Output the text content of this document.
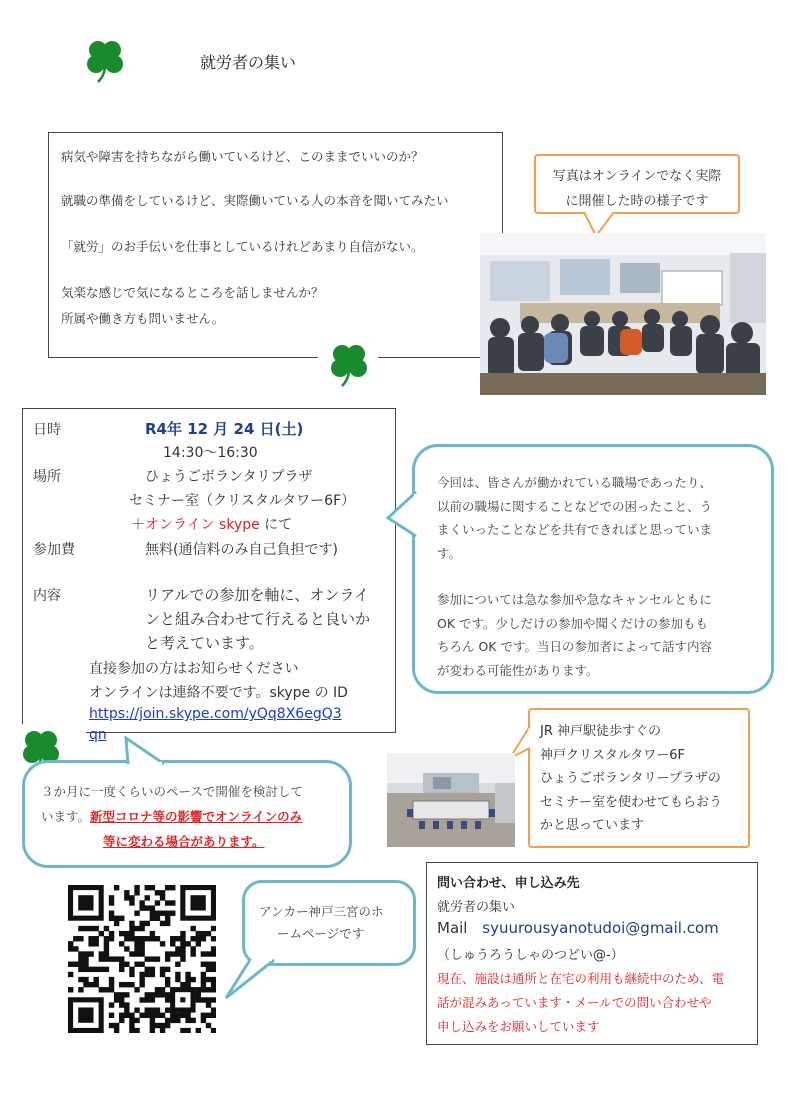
就労者の集い

病気や障害を持ちながら働いているけど、このままでいいのか？

就職の準備をしているけど、実際働いている人の本音を聞いてみたい

「就労」のお手伝いを仕事としているけれどあまり自信がない。

気楽な感じで気になるところを話しませんか？

所属や働き方も問いません。

写真はオンラインでなく実際
に開催した時の様子です
日時	R4年 12 月 24 日(土)
14:30～16:30
場所	ひょうごボランタリプラザ
セミナー室（クリスタルタワー6F）
＋オンライン skype にて
参加費	無料(通信料のみ自己負担です)
内容	リアルでの参加を軸に、オンライ
ンと組み合わせて行えると良いか
と考えています。
直接参加の方はお知らせください
オンラインは連絡不要です。skype の ID
https://join.skype.com/yQq8X6egQ3
qn
今回は、皆さんが働かれている職場であったり、
以前の職場に関することなどでの困ったこと、う
まくいったことなどを共有できればと思っていま
す。
参加については急な参加や急なキャンセルともに
OK です。少しだけの参加や聞くだけの参加もも
ちろん OK です。当日の参加者によって話す内容
が変わる可能性があります。
JR 神戸駅徒歩すぐの
神戸クリスタルタワー6F
ひょうごボランタリープラザの
セミナー室を使わせてもらおう
かと思っています
３か月に一度くらいのペースで開催を検討して
います。新型コロナ等の影響でオンラインのみ
等に変わる場合があります。
アンカー神戸三宮のホ
ームページです
問い合わせ、申し込み先
就労者の集い
Mail syuurousyanotudoi@gmail.com
（しゅうろうしゃのつどい@-）
現在、施設は通所と在宅の利用も継続中のため、電
話が混みあっています・メールでの問い合わせや
申し込みをお願いしています
